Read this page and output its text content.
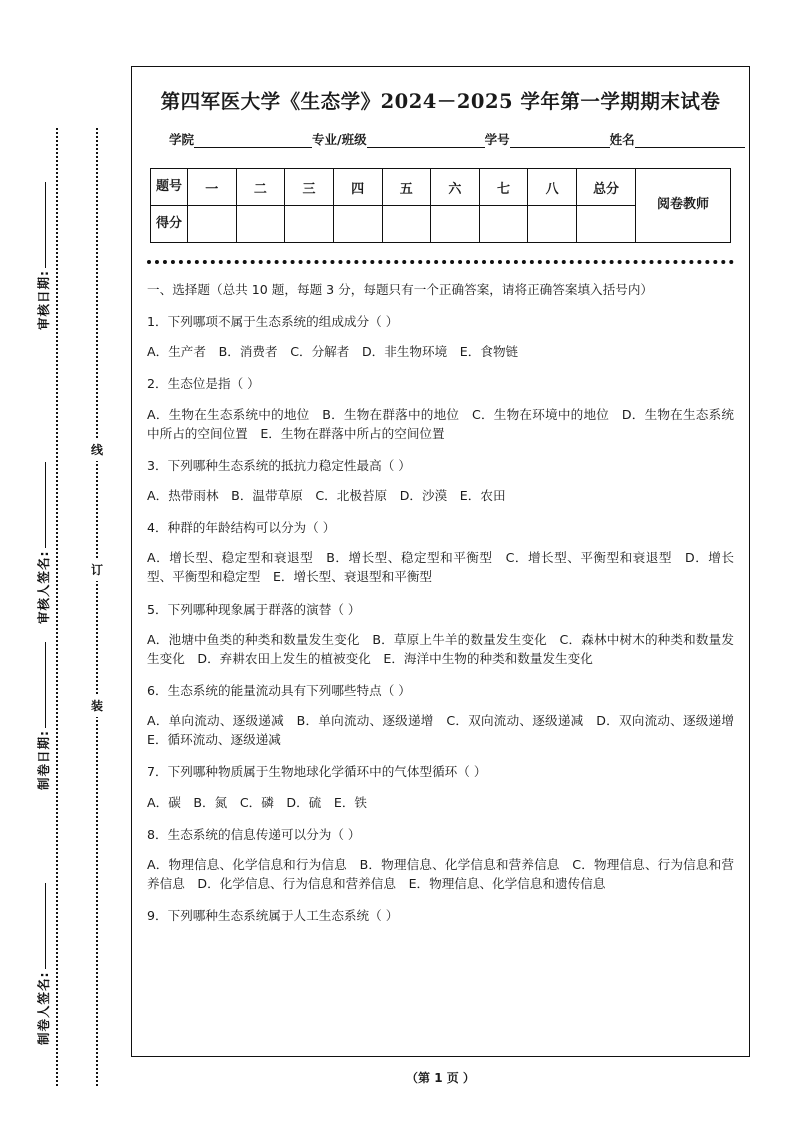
审核日期:
审核人签名:
制卷日期:
制卷人签名:
线
订
装
第四军医大学《生态学》2024－2025 学年第一学期期末试卷
学院	专业/班级	学号	姓名
题号	一	二	三	四	五	六	七	八	总分	阅卷教师
得分										
一、选择题（总共 10 题，每题 3 分，每题只有一个正确答案，请将正确答案填入括号内）
1．下列哪项不属于生态系统的组成成分（ ）
A．生产者　B．消费者　C．分解者　D．非生物环境　E．食物链
2．生态位是指（ ）
A．生物在生态系统中的地位　B．生物在群落中的地位　C．生物在环境中的地位　D．生物在生态系统中所占的空间位置　E．生物在群落中所占的空间位置
3．下列哪种生态系统的抵抗力稳定性最高（ ）
A．热带雨林　B．温带草原　C．北极苔原　D．沙漠　E．农田
4．种群的年龄结构可以分为（ ）
A．增长型、稳定型和衰退型　B．增长型、稳定型和平衡型　C．增长型、平衡型和衰退型　D．增长型、平衡型和稳定型　E．增长型、衰退型和平衡型
5．下列哪种现象属于群落的演替（ ）
A．池塘中鱼类的种类和数量发生变化　B．草原上牛羊的数量发生变化　C．森林中树木的种类和数量发生变化　D．弃耕农田上发生的植被变化　E．海洋中生物的种类和数量发生变化
6．生态系统的能量流动具有下列哪些特点（ ）
A．单向流动、逐级递减　B．单向流动、逐级递增　C．双向流动、逐级递减　D．双向流动、逐级递增　E．循环流动、逐级递减
7．下列哪种物质属于生物地球化学循环中的气体型循环（ ）
A．碳　B．氮　C．磷　D．硫　E．铁
8．生态系统的信息传递可以分为（ ）
A．物理信息、化学信息和行为信息　B．物理信息、化学信息和营养信息　C．物理信息、行为信息和营养信息　D．化学信息、行为信息和营养信息　E．物理信息、化学信息和遗传信息
9．下列哪种生态系统属于人工生态系统（ ）
（第 1 页 ）
